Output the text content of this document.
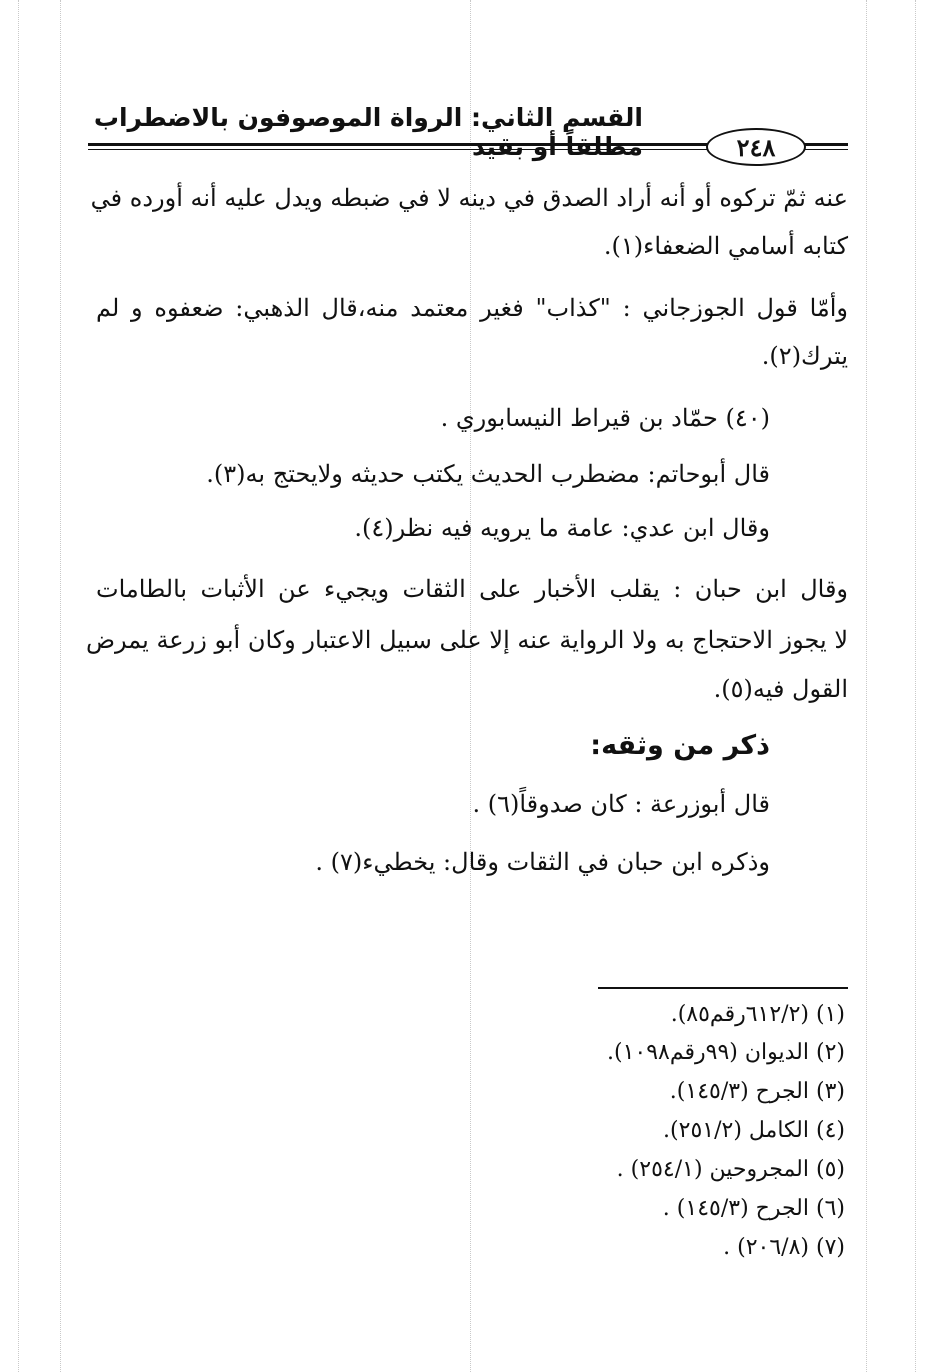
القسم الثاني: الرواة الموصوفون بالاضطراب مطلقاً أو بقيد	٢٤٨
عنه ثمّ تركوه أو أنه أراد الصدق في دينه لا في ضبطه ويدل عليه أنه أورده في
كتابه أسامي الضعفاء(١).
وأمّا قول الجوزجاني : "كذاب" فغير معتمد منه،قال الذهبي: ضعفوه و لم
يترك(٢).
(٤٠) حمّاد بن قيراط النيسابوري .
قال أبوحاتم: مضطرب الحديث يكتب حديثه ولايحتج به(٣).
وقال ابن عدي: عامة ما يرويه فيه نظر(٤).
وقال ابن حبان : يقلب الأخبار على الثقات ويجيء عن الأثبات بالطامات
لا يجوز الاحتجاج به ولا الرواية عنه إلا على سبيل الاعتبار وكان أبو زرعة يمرض
القول فيه(٥).
ذكر من وثقه:
قال أبوزرعة : كان صدوقاً(٦) .
وذكره ابن حبان في الثقات وقال: يخطيء(٧) .
(١) (٦١٢/٢رقم٨٥).
(٢) الديوان (٩٩رقم١٠٩٨).
(٣) الجرح (١٤٥/٣).
(٤) الكامل (٢٥١/٢).
(٥) المجروحين (٢٥٤/١) .
(٦) الجرح (١٤٥/٣) .
(٧) (٢٠٦/٨) .
